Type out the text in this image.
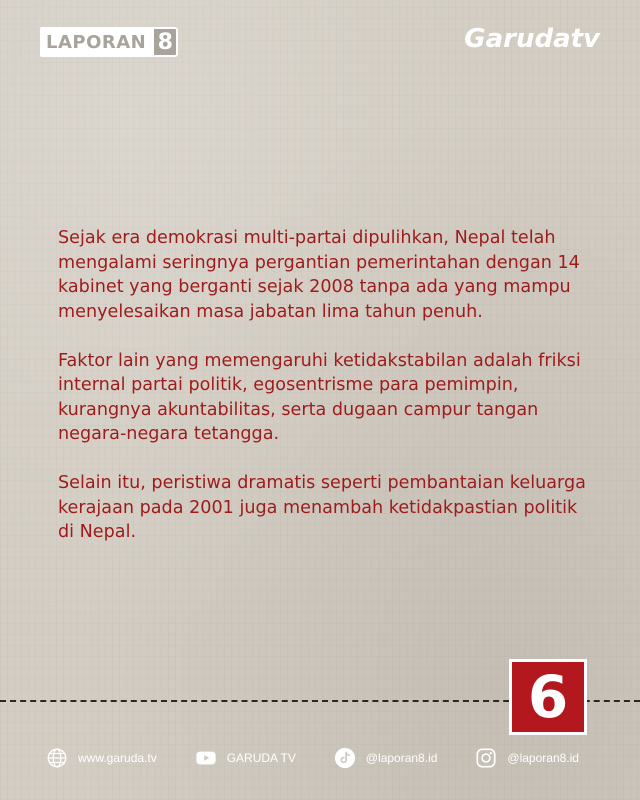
LAPORAN 8	Garudatv

Sejak era demokrasi multi-partai dipulihkan, Nepal telah mengalami seringnya pergantian pemerintahan dengan 14 kabinet yang berganti sejak 2008 tanpa ada yang mampu menyelesaikan masa jabatan lima tahun penuh.

Faktor lain yang memengaruhi ketidakstabilan adalah friksi internal partai politik, egosentrisme para pemimpin, kurangnya akuntabilitas, serta dugaan campur tangan negara-negara tetangga.

Selain itu, peristiwa dramatis seperti pembantaian keluarga kerajaan pada 2001 juga menambah ketidakpastian politik di Nepal.

6
www.garuda.tv	GARUDA TV	@laporan8.id	@laporan8.id
